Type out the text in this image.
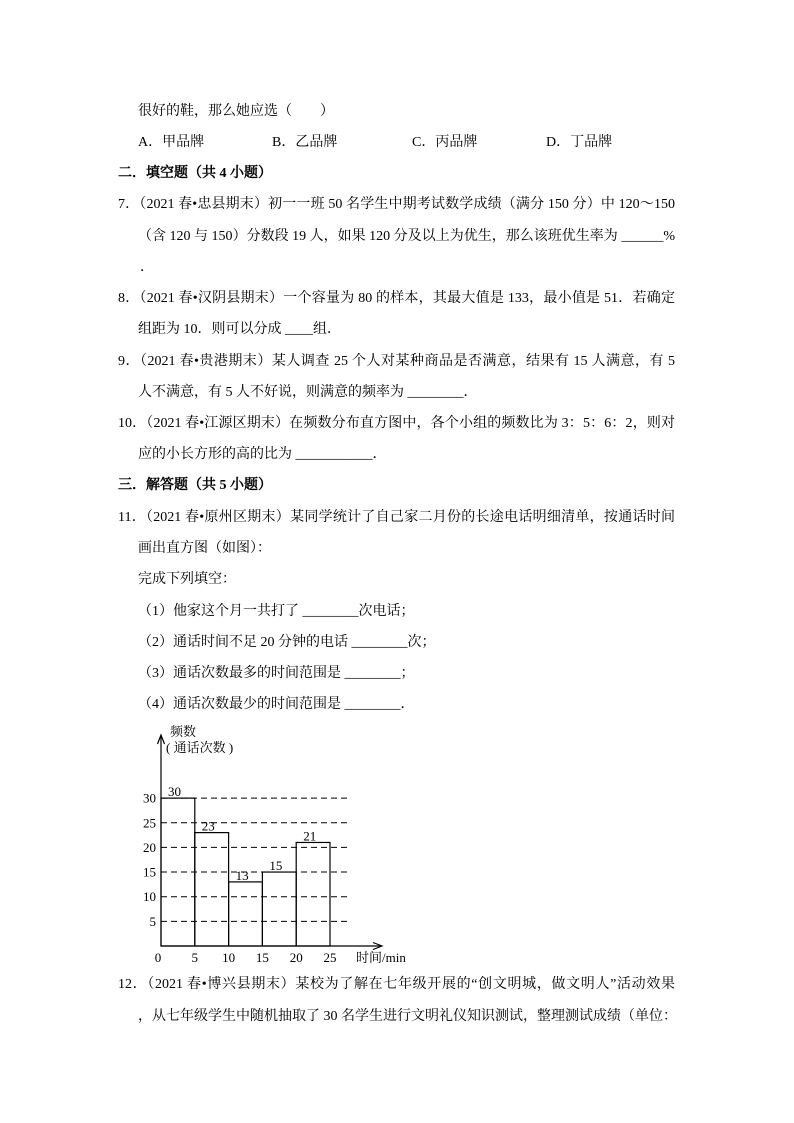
很好的鞋，那么她应选（　　）
A．甲品牌	B．乙品牌	C．丙品牌	D．丁品牌
二．填空题（共 4 小题）
7．（2021 春•忠县期末）初一一班 50 名学生中期考试数学成绩（满分 150 分）中 120～150
（含 120 与 150）分数段 19 人，如果 120 分及以上为优生，那么该班优生率为 ______%
．
8．（2021 春•汉阴县期末）一个容量为 80 的样本，其最大值是 133，最小值是 51．若确定
组距为 10．则可以分成 ____组．
9．（2021 春•贵港期末）某人调查 25 个人对某种商品是否满意，结果有 15 人满意，有 5
人不满意，有 5 人不好说，则满意的频率为 ________．
10．（2021 春•江源区期末）在频数分布直方图中，各个小组的频数比为 3：5：6：2，则对
应的小长方形的高的比为 ___________．
三．解答题（共 5 小题）
11．（2021 春•原州区期末）某同学统计了自己家二月份的长途电话明细清单，按通话时间
画出直方图（如图）：
完成下列填空：
（1）他家这个月一共打了 ________次电话；
（2）通话时间不足 20 分钟的电话 ________次；
（3）通话次数最多的时间范围是 ________；
（4）通话次数最少的时间范围是 ________．
频数
( 通话次数 )
时间/min
5
10
15
20
25
30
0 5 10 15 20 25
30
23
13
15
21
12．（2021 春•博兴县期末）某校为了解在七年级开展的“创文明城，做文明人”活动效果
，从七年级学生中随机抽取了 30 名学生进行文明礼仪知识测试，整理测试成绩（单位：
